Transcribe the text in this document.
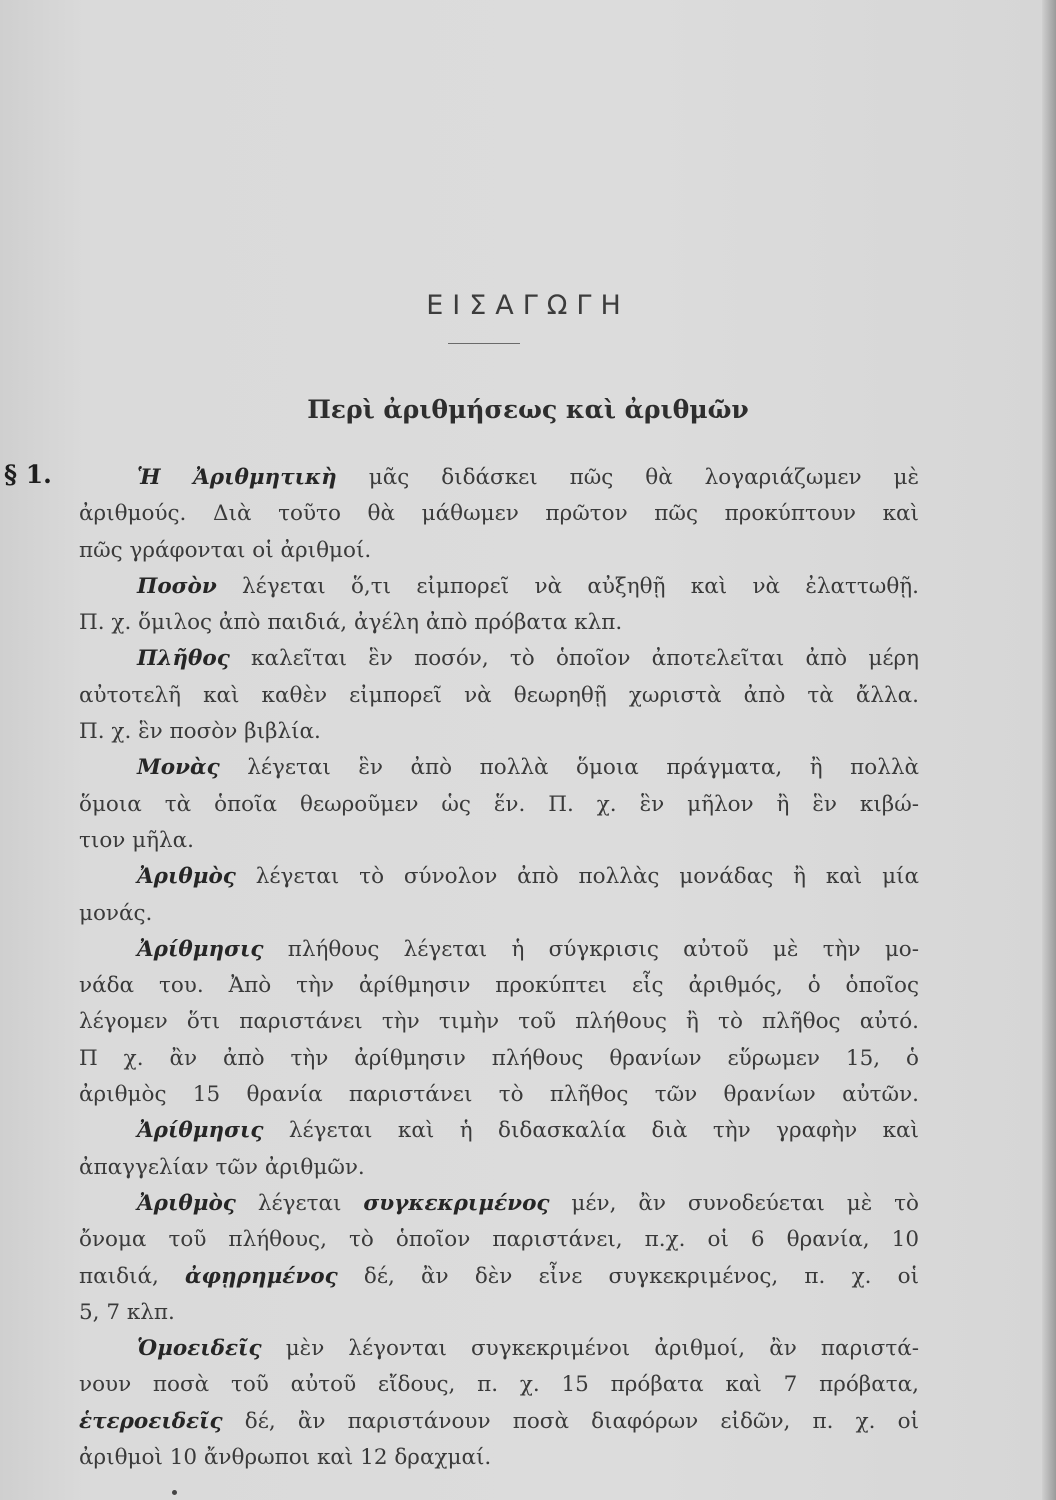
ΕΙΣΑΓΩΓΗ
Περὶ ἀριθμήσεως καὶ ἀριθμῶν
§ 1.	Ἡ Ἀριθμητικὴ μᾶς διδάσκει πῶς θὰ λογαριάζωμεν μὲ
ἀριθμούς. Διὰ τοῦτο θὰ μάθωμεν πρῶτον πῶς προκύπτουν καὶ
πῶς γράφονται οἱ ἀριθμοί.
Ποσὸν λέγεται ὅ,τι εἰμπορεῖ νὰ αὐξηθῇ καὶ νὰ ἐλαττωθῇ.
Π. χ. ὅμιλος ἀπὸ παιδιά, ἀγέλη ἀπὸ πρόβατα κλπ.
Πλῆθος καλεῖται ἓν ποσόν, τὸ ὁποῖον ἀποτελεῖται ἀπὸ μέρη
αὐτοτελῆ καὶ καθὲν εἰμπορεῖ νὰ θεωρηθῇ χωριστὰ ἀπὸ τὰ ἄλλα.
Π. χ. ἓν ποσὸν βιβλία.
Μονὰς λέγεται ἓν ἀπὸ πολλὰ ὅμοια πράγματα, ἢ πολλὰ
ὅμοια τὰ ὁποῖα θεωροῦμεν ὡς ἕν. Π. χ. ἓν μῆλον ἢ ἓν κιβώ-
τιον μῆλα.
Ἀριθμὸς λέγεται τὸ σύνολον ἀπὸ πολλὰς μονάδας ἢ καὶ μία
μονάς.
Ἀρίθμησις πλήθους λέγεται ἡ σύγκρισις αὐτοῦ μὲ τὴν μο-
νάδα του. Ἀπὸ τὴν ἀρίθμησιν προκύπτει εἷς ἀριθμός, ὁ ὁποῖος
λέγομεν ὅτι παριστάνει τὴν τιμὴν τοῦ πλήθους ἢ τὸ πλῆθος αὐτό.
Π χ. ἂν ἀπὸ τὴν ἀρίθμησιν πλήθους θρανίων εὕρωμεν 15, ὁ
ἀριθμὸς 15 θρανία παριστάνει τὸ πλῆθος τῶν θρανίων αὐτῶν.
Ἀρίθμησις λέγεται καὶ ἡ διδασκαλία διὰ τὴν γραφὴν καὶ
ἀπαγγελίαν τῶν ἀριθμῶν.
Ἀριθμὸς λέγεται συγκεκριμένος μέν, ἂν συνοδεύεται μὲ τὸ
ὄνομα τοῦ πλήθους, τὸ ὁποῖον παριστάνει, π.χ. οἱ 6 θρανία, 10
παιδιά, ἀφῃρημένος δέ, ἂν δὲν εἶνε συγκεκριμένος, π. χ. οἱ
5, 7 κλπ.
Ὁμοειδεῖς μὲν λέγονται συγκεκριμένοι ἀριθμοί, ἂν παριστά-
νουν ποσὰ τοῦ αὐτοῦ εἴδους, π. χ. 15 πρόβατα καὶ 7 πρόβατα,
ἑτεροειδεῖς δέ, ἂν παριστάνουν ποσὰ διαφόρων εἰδῶν, π. χ. οἱ
ἀριθμοὶ 10 ἄνθρωποι καὶ 12 δραχμαί.
